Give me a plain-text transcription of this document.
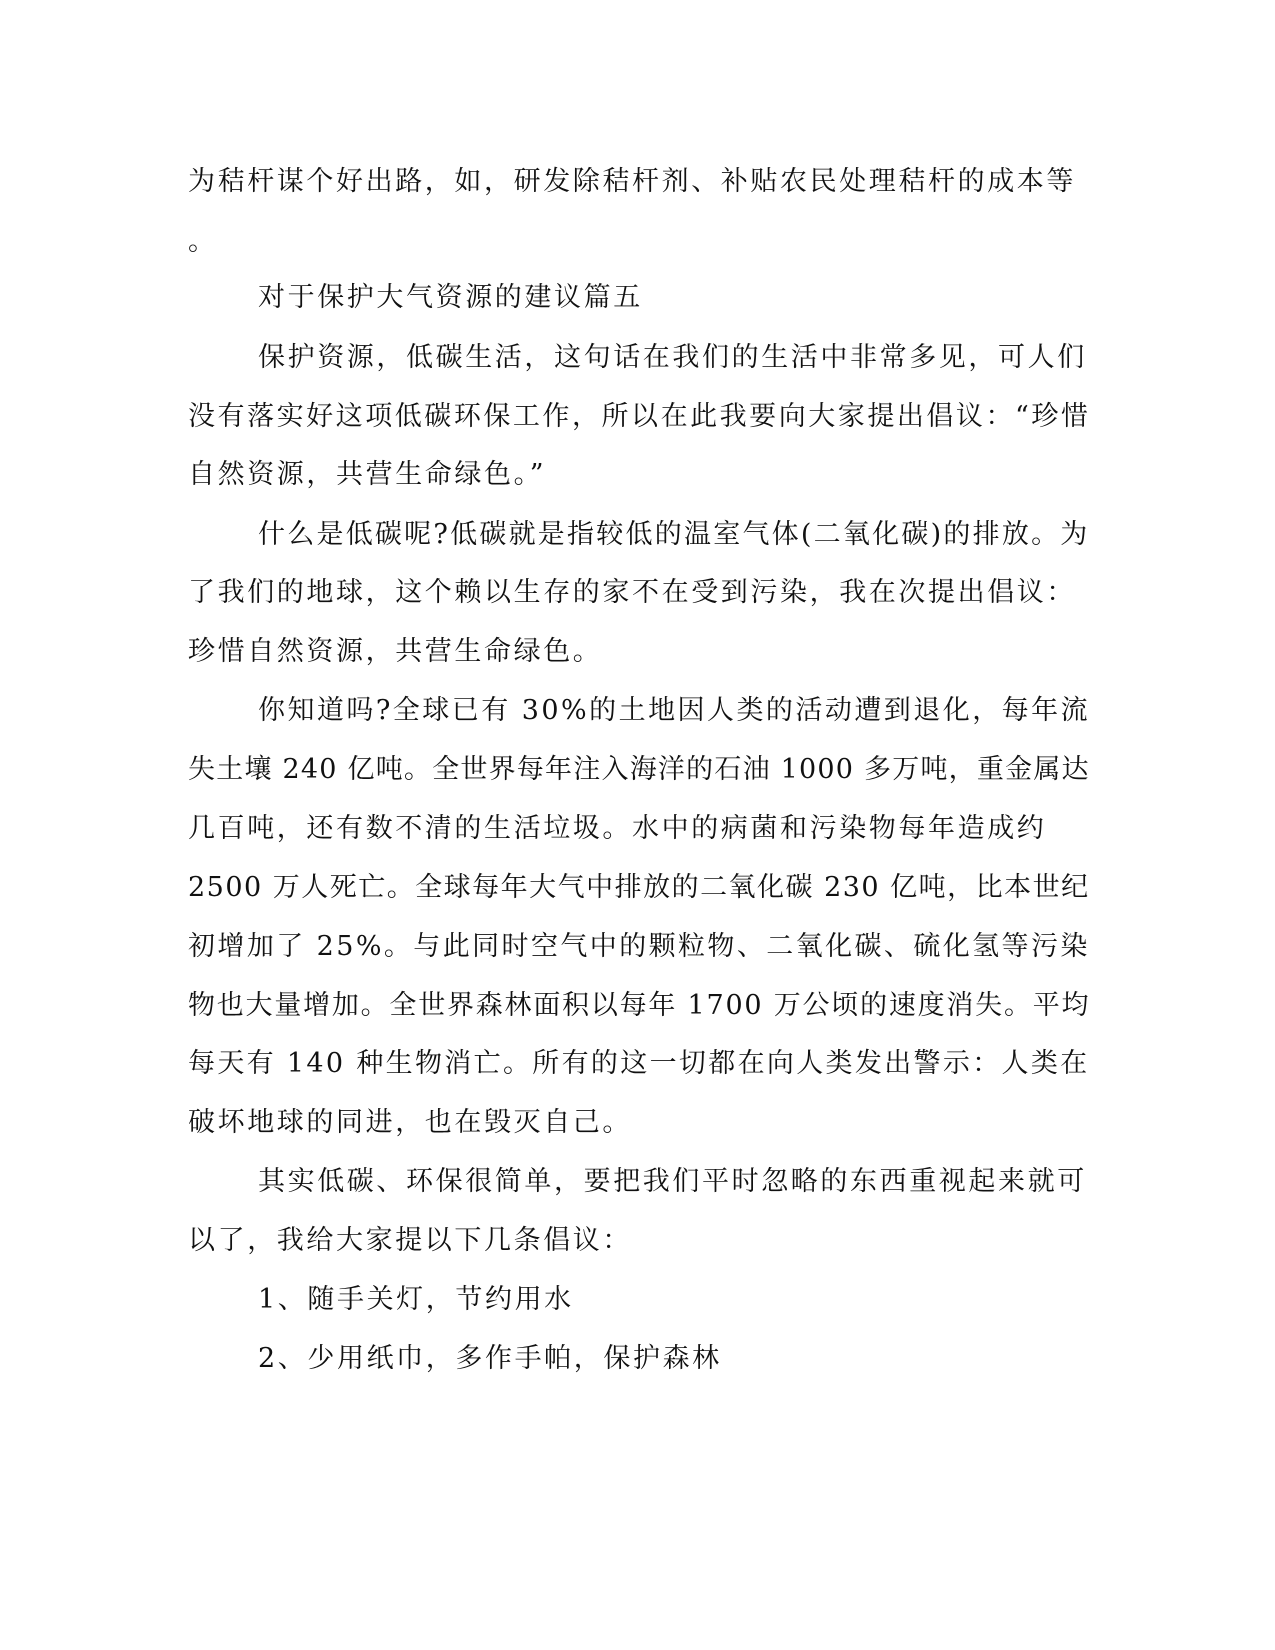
为秸杆谋个好出路，如，研发除秸杆剂、补贴农民处理秸杆的成本等

。

对于保护大气资源的建议篇五

保护资源，低碳生活，这句话在我们的生活中非常多见，可人们

没有落实好这项低碳环保工作，所以在此我要向大家提出倡议：“珍惜

自然资源，共营生命绿色。”

什么是低碳呢?低碳就是指较低的温室气体(二氧化碳)的排放。为

了我们的地球，这个赖以生存的家不在受到污染，我在次提出倡议：

珍惜自然资源，共营生命绿色。

你知道吗?全球已有 30%的土地因人类的活动遭到退化，每年流

失土壤 240 亿吨。全世界每年注入海洋的石油 1000 多万吨，重金属达

几百吨，还有数不清的生活垃圾。水中的病菌和污染物每年造成约

2500 万人死亡。全球每年大气中排放的二氧化碳 230 亿吨，比本世纪

初增加了 25%。与此同时空气中的颗粒物、二氧化碳、硫化氢等污染

物也大量增加。全世界森林面积以每年 1700 万公顷的速度消失。平均

每天有 140 种生物消亡。所有的这一切都在向人类发出警示：人类在

破坏地球的同进，也在毁灭自己。

其实低碳、环保很简单，要把我们平时忽略的东西重视起来就可

以了，我给大家提以下几条倡议：

1、随手关灯，节约用水

2、少用纸巾，多作手帕，保护森林
